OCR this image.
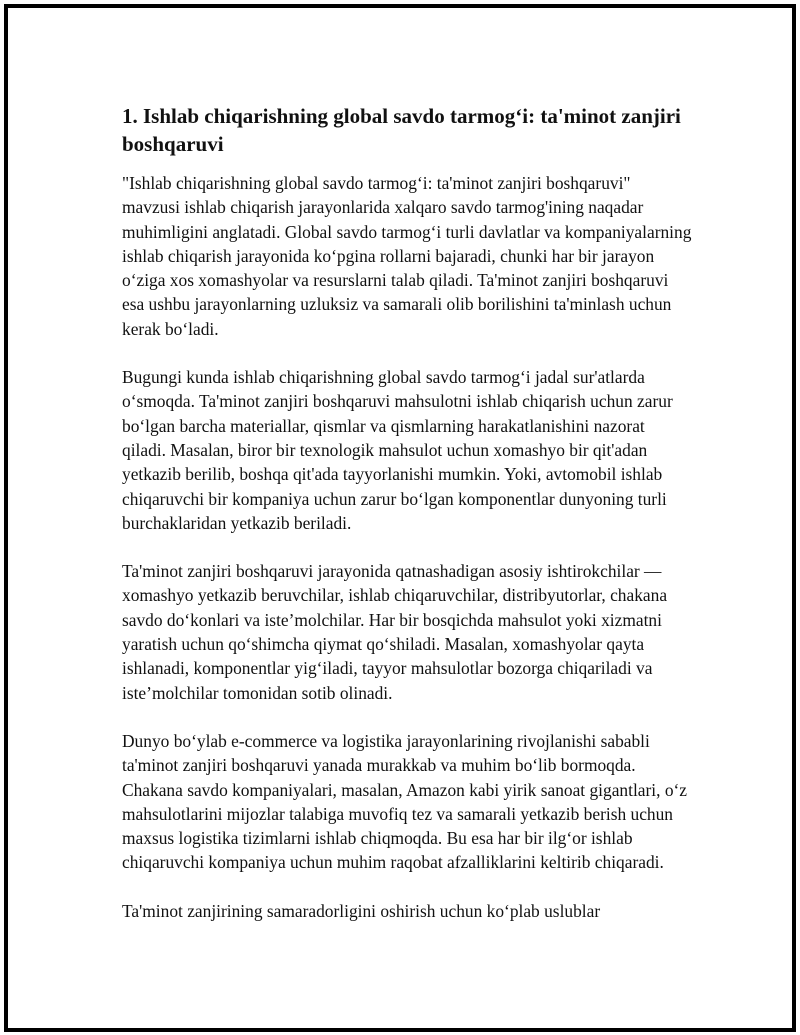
1. Ishlab chiqarishning global savdo tarmog‘i: ta'minot zanjiri boshqaruvi

"Ishlab chiqarishning global savdo tarmog‘i: ta'minot zanjiri boshqaruvi" mavzusi ishlab chiqarish jarayonlarida xalqaro savdo tarmog'ining naqadar muhimligini anglatadi. Global savdo tarmog‘i turli davlatlar va kompaniyalarning ishlab chiqarish jarayonida ko‘pgina rollarni bajaradi, chunki har bir jarayon o‘ziga xos xomashyolar va resurslarni talab qiladi. Ta'minot zanjiri boshqaruvi esa ushbu jarayonlarning uzluksiz va samarali olib borilishini ta'minlash uchun kerak bo‘ladi.

Bugungi kunda ishlab chiqarishning global savdo tarmog‘i jadal sur'atlarda o‘smoqda. Ta'minot zanjiri boshqaruvi mahsulotni ishlab chiqarish uchun zarur bo‘lgan barcha materiallar, qismlar va qismlarning harakatlanishini nazorat qiladi. Masalan, biror bir texnologik mahsulot uchun xomashyo bir qit'adan yetkazib berilib, boshqa qit'ada tayyorlanishi mumkin. Yoki, avtomobil ishlab chiqaruvchi bir kompaniya uchun zarur bo‘lgan komponentlar dunyoning turli burchaklaridan yetkazib beriladi.

Ta'minot zanjiri boshqaruvi jarayonida qatnashadigan asosiy ishtirokchilar — xomashyo yetkazib beruvchilar, ishlab chiqaruvchilar, distribyutorlar, chakana savdo do‘konlari va iste’molchilar. Har bir bosqichda mahsulot yoki xizmatni yaratish uchun qo‘shimcha qiymat qo‘shiladi. Masalan, xomashyolar qayta ishlanadi, komponentlar yig‘iladi, tayyor mahsulotlar bozorga chiqariladi va iste’molchilar tomonidan sotib olinadi.

Dunyo bo‘ylab e-commerce va logistika jarayonlarining rivojlanishi sababli ta'minot zanjiri boshqaruvi yanada murakkab va muhim bo‘lib bormoqda. Chakana savdo kompaniyalari, masalan, Amazon kabi yirik sanoat gigantlari, o‘z mahsulotlarini mijozlar talabiga muvofiq tez va samarali yetkazib berish uchun maxsus logistika tizimlarni ishlab chiqmoqda. Bu esa har bir ilg‘or ishlab chiqaruvchi kompaniya uchun muhim raqobat afzalliklarini keltirib chiqaradi.

Ta'minot zanjirining samaradorligini oshirish uchun ko‘plab uslublar
